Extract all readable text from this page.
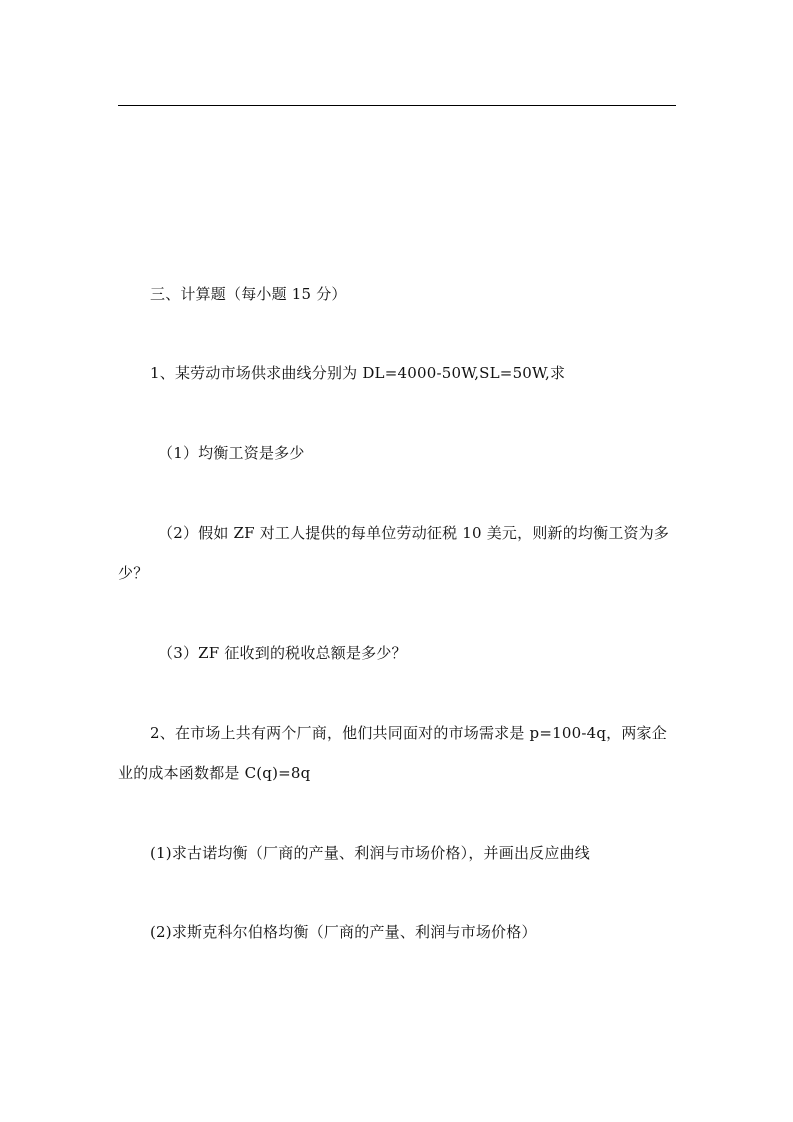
三、计算题（每小题 15 分）
1、某劳动市场供求曲线分别为 DL=4000-50W,SL=50W,求
（1）均衡工资是多少
（2）假如 ZF 对工人提供的每单位劳动征税 10 美元，则新的均衡工资为多
少？
（3）ZF 征收到的税收总额是多少？
2、在市场上共有两个厂商，他们共同面对的市场需求是 p=100-4q，两家企
业的成本函数都是 C(q)=8q
(1)求古诺均衡（厂商的产量、利润与市场价格），并画出反应曲线
(2)求斯克科尔伯格均衡（厂商的产量、利润与市场价格）
